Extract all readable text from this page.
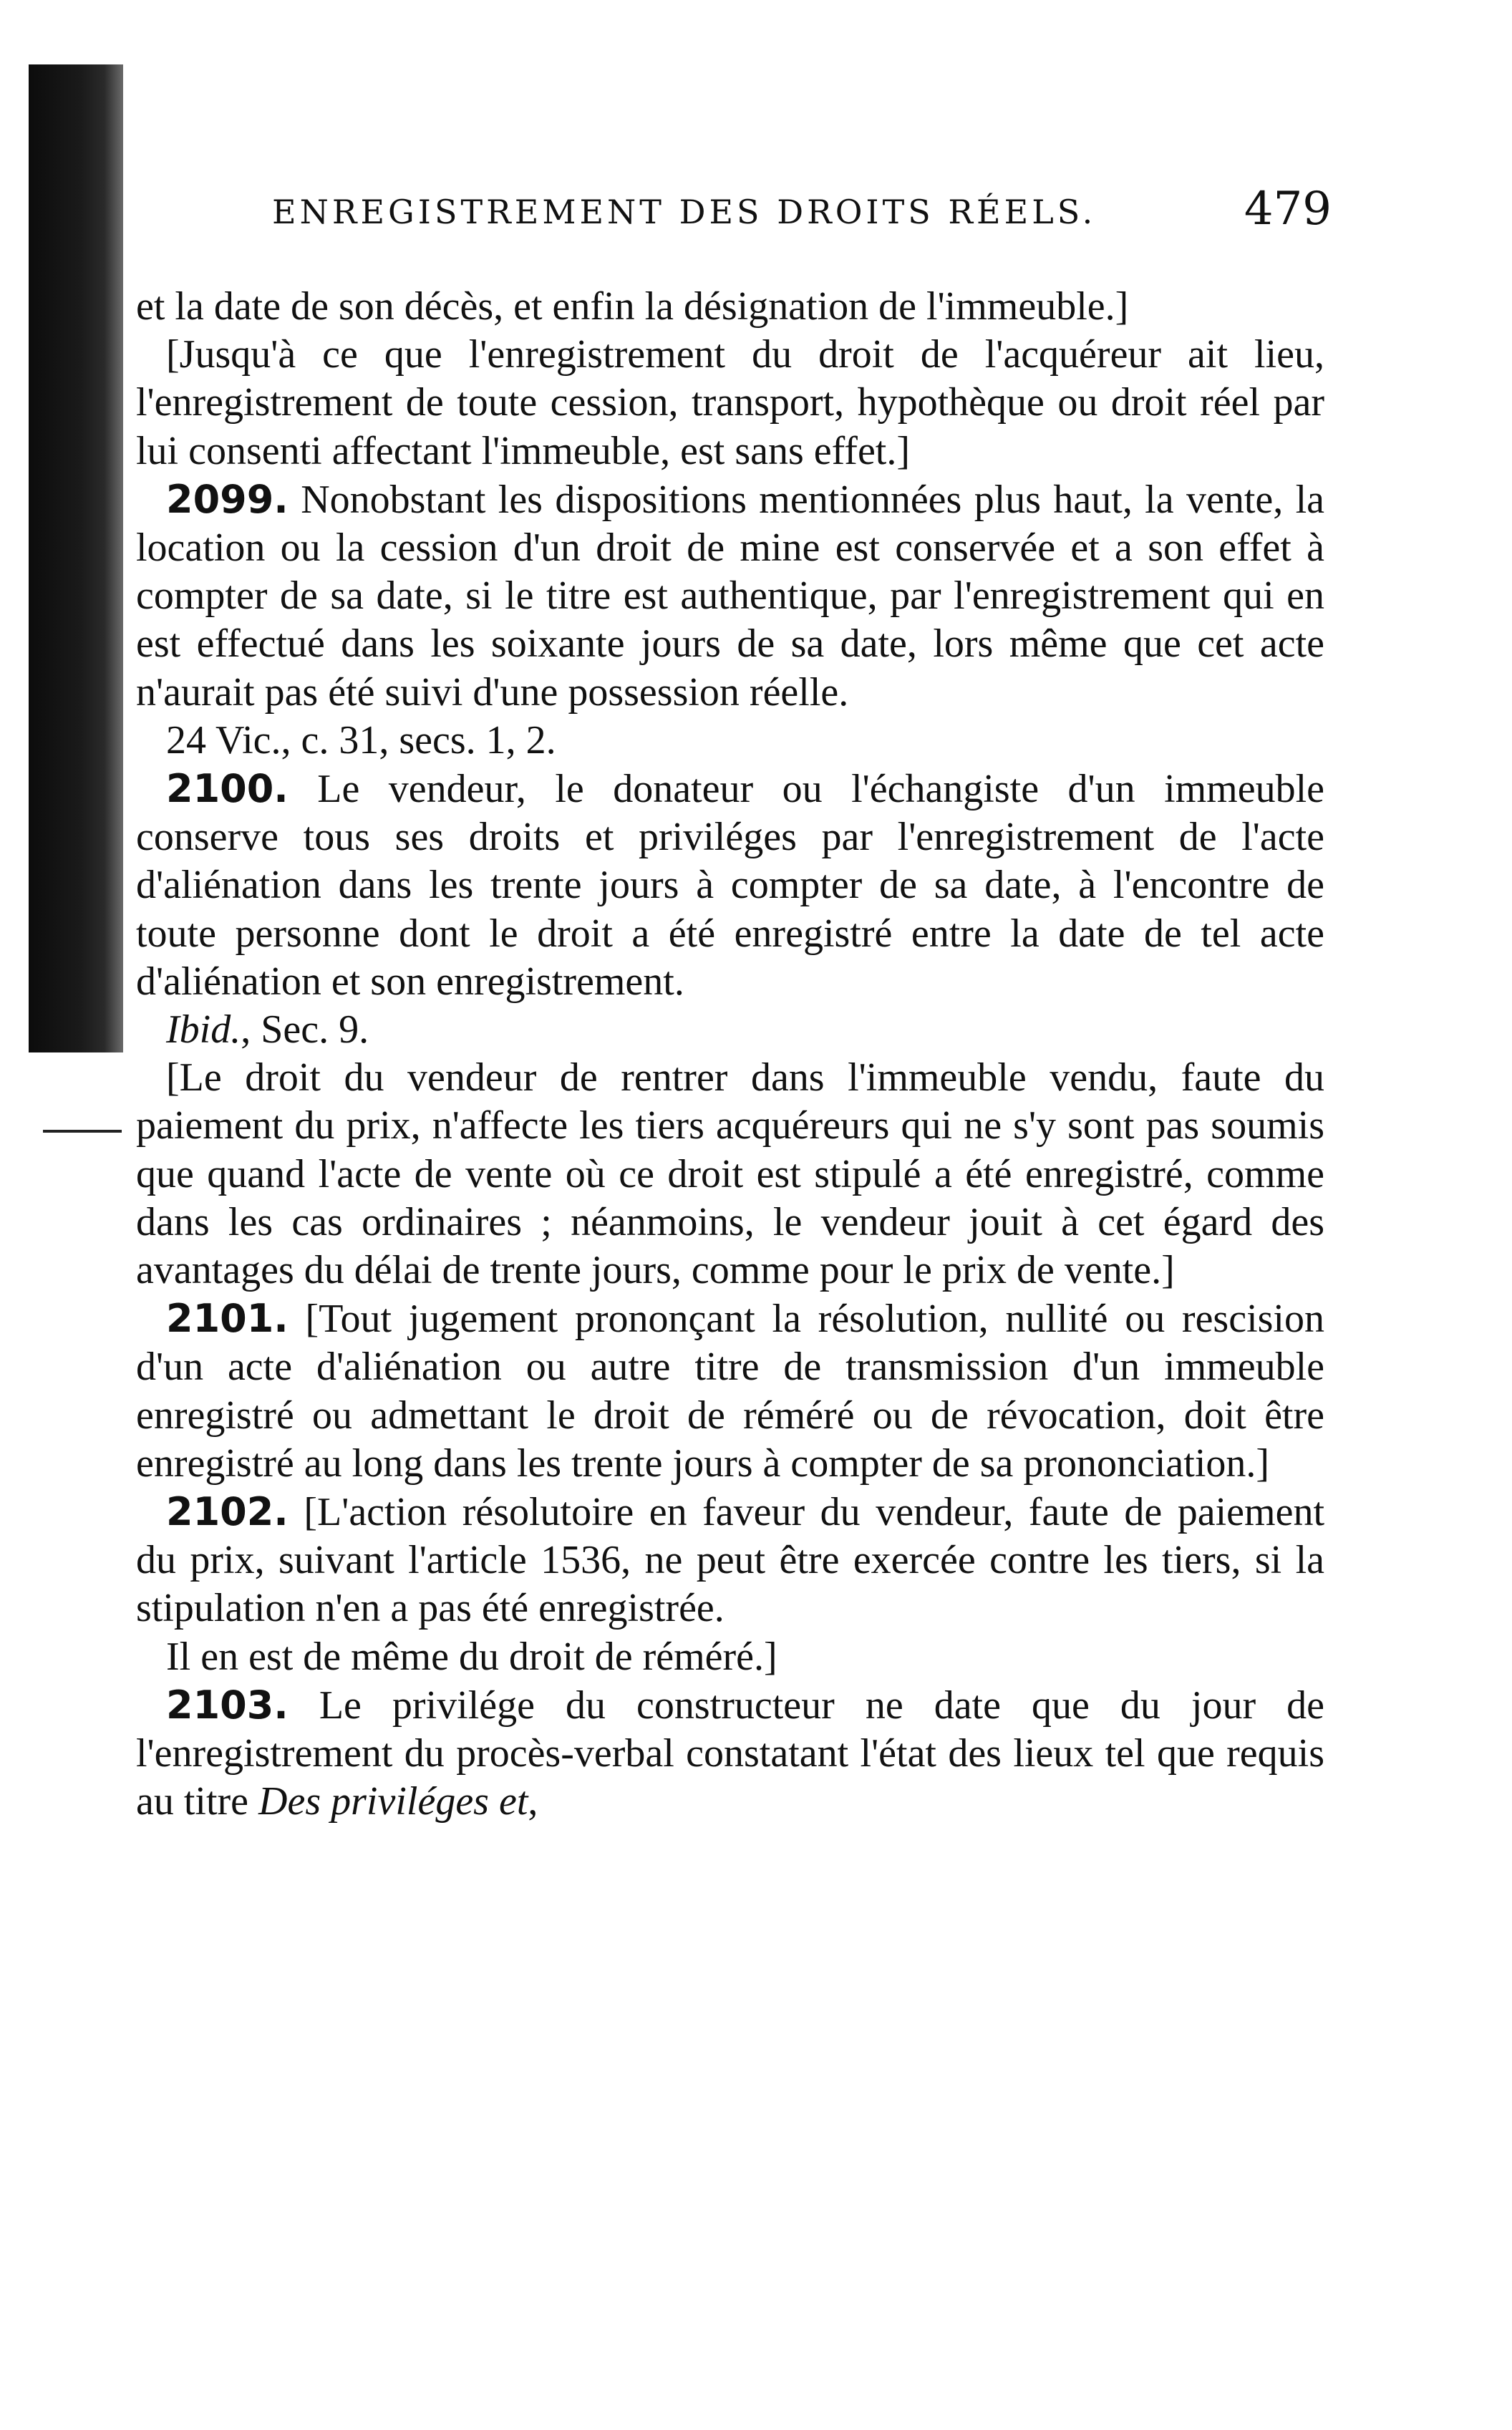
ENREGISTREMENT DES DROITS RÉELS.	479

et la date de son décès, et enfin la désignation de l'immeuble.]

[Jusqu'à ce que l'enregistrement du droit de l'acquéreur ait lieu, l'enregistrement de toute cession, transport, hypothèque ou droit réel par lui consenti affectant l'immeuble, est sans effet.]

2099. Nonobstant les dispositions mentionnées plus haut, la vente, la location ou la cession d'un droit de mine est conservée et a son effet à compter de sa date, si le titre est authentique, par l'enregistrement qui en est effectué dans les soixante jours de sa date, lors même que cet acte n'aurait pas été suivi d'une possession réelle.

24 Vic., c. 31, secs. 1, 2.

2100. Le vendeur, le donateur ou l'échangiste d'un immeuble conserve tous ses droits et priviléges par l'enregistrement de l'acte d'aliénation dans les trente jours à compter de sa date, à l'encontre de toute personne dont le droit a été enregistré entre la date de tel acte d'aliénation et son enregistrement.

Ibid., Sec. 9.

[Le droit du vendeur de rentrer dans l'immeuble vendu, faute du paiement du prix, n'affecte les tiers acquéreurs qui ne s'y sont pas soumis que quand l'acte de vente où ce droit est stipulé a été enregistré, comme dans les cas ordinaires ; néanmoins, le vendeur jouit à cet égard des avantages du délai de trente jours, comme pour le prix de vente.]

2101. [Tout jugement prononçant la résolution, nullité ou rescision d'un acte d'aliénation ou autre titre de transmission d'un immeuble enregistré ou admettant le droit de réméré ou de révocation, doit être enregistré au long dans les trente jours à compter de sa prononciation.]

2102. [L'action résolutoire en faveur du vendeur, faute de paiement du prix, suivant l'article 1536, ne peut être exercée contre les tiers, si la stipulation n'en a pas été enregistrée.

Il en est de même du droit de réméré.]

2103. Le privilége du constructeur ne date que du jour de l'enregistrement du procès-verbal constatant l'état des lieux tel que requis au titre Des priviléges et,
